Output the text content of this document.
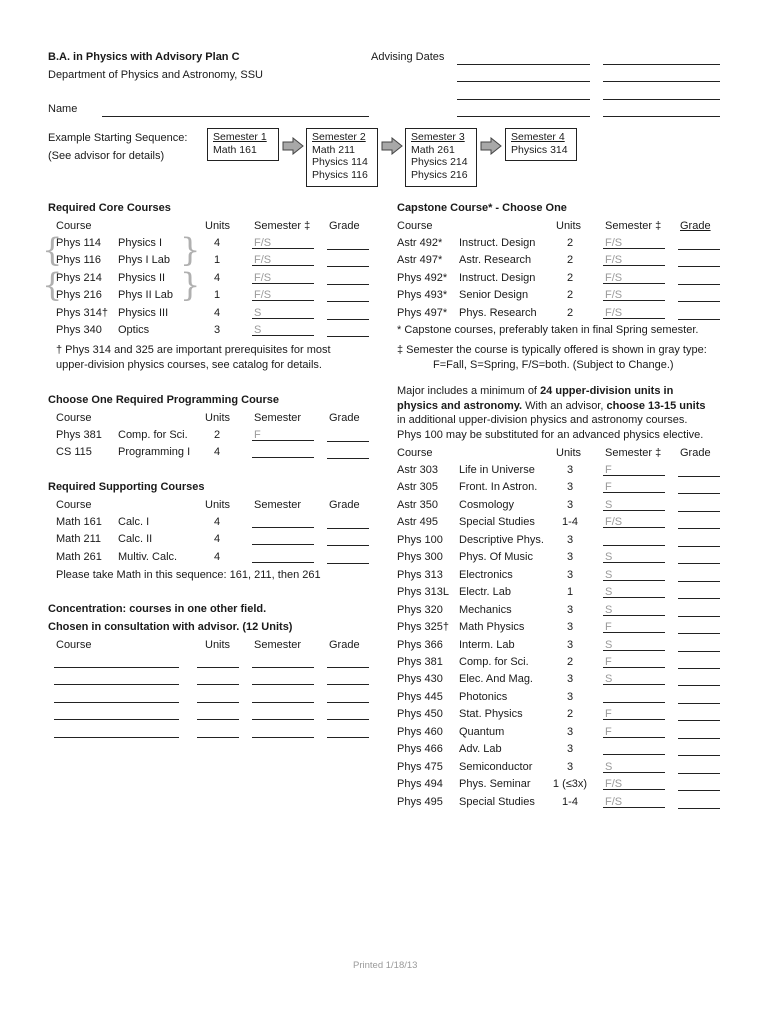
B.A. in Physics with Advisory Plan C
Department of Physics and Astronomy, SSU
Advising Dates
Name
Example Starting Sequence:
(See advisor for details)
Semester 1
Math 161
Semester 2
Math 211
Physics 114
Physics 116
Semester 3
Math 261
Physics 214
Physics 216
Semester 4
Physics 314
Required Core Courses
Course	Units Semester ‡ Grade
{	}
{	}
Phys 114 Physics I	4	F/S
Phys 116 Phys I Lab	1	F/S
Phys 214 Physics II	4	F/S
Phys 216 Phys II Lab	1	F/S
Phys 314† Physics III	4	S
Phys 340 Optics	3	S
† Phys 314 and 325 are important prerequisites for most
upper-division physics courses, see catalog for details.
Choose One Required Programming Course
Course	Units Semester	Grade
Phys 381 Comp. for Sci. 2	F
CS 115 Programming I 4
Required Supporting Courses
Course	Units Semester	Grade
Math 161 Calc. I	4
Math 211 Calc. II	4
Math 261 Multiv. Calc.	4
Please take Math in this sequence: 161, 211, then 261
Concentration: courses in one other field.
Chosen in consultation with advisor. (12 Units)
Course	Units Semester	Grade
Capstone Course* - Choose One
Course	Units Semester ‡ Grade
Astr 492* Instruct. Design	2	F/S
Astr 497* Astr. Research	2	F/S
Phys 492* Instruct. Design	2	F/S
Phys 493* Senior Design	2	F/S
Phys 497* Phys. Research	2	F/S
* Capstone courses, preferably taken in final Spring semester.
‡ Semester the course is typically offered is shown in gray type:
F=Fall, S=Spring, F/S=both. (Subject to Change.)
Major includes a minimum of 24 upper-division units in
physics and astronomy. With an advisor, choose 13-15 units
in additional upper-division physics and astronomy courses.
Phys 100 may be substituted for an advanced physics elective.
Course	Units Semester ‡ Grade
Astr 303 Life in Universe	3	F
Astr 305 Front. In Astron.	3	F
Astr 350 Cosmology	3	S
Astr 495 Special Studies	1-4	F/S
Phys 100 Descriptive Phys.	3
Phys 300 Phys. Of Music	3	S
Phys 313 Electronics	3	S
Phys 313L Electr. Lab	1	S
Phys 320 Mechanics	3	S
Phys 325† Math Physics	3	F
Phys 366 Interm. Lab	3	S
Phys 381 Comp. for Sci.	2	F
Phys 430 Elec. And Mag.	3	S
Phys 445 Photonics	3
Phys 450 Stat. Physics	2	F
Phys 460 Quantum	3	F
Phys 466 Adv. Lab	3
Phys 475 Semiconductor	3	S
Phys 494 Phys. Seminar 1 (≤3x) F/S
Phys 495 Special Studies	1-4	F/S
Printed 1/18/13
